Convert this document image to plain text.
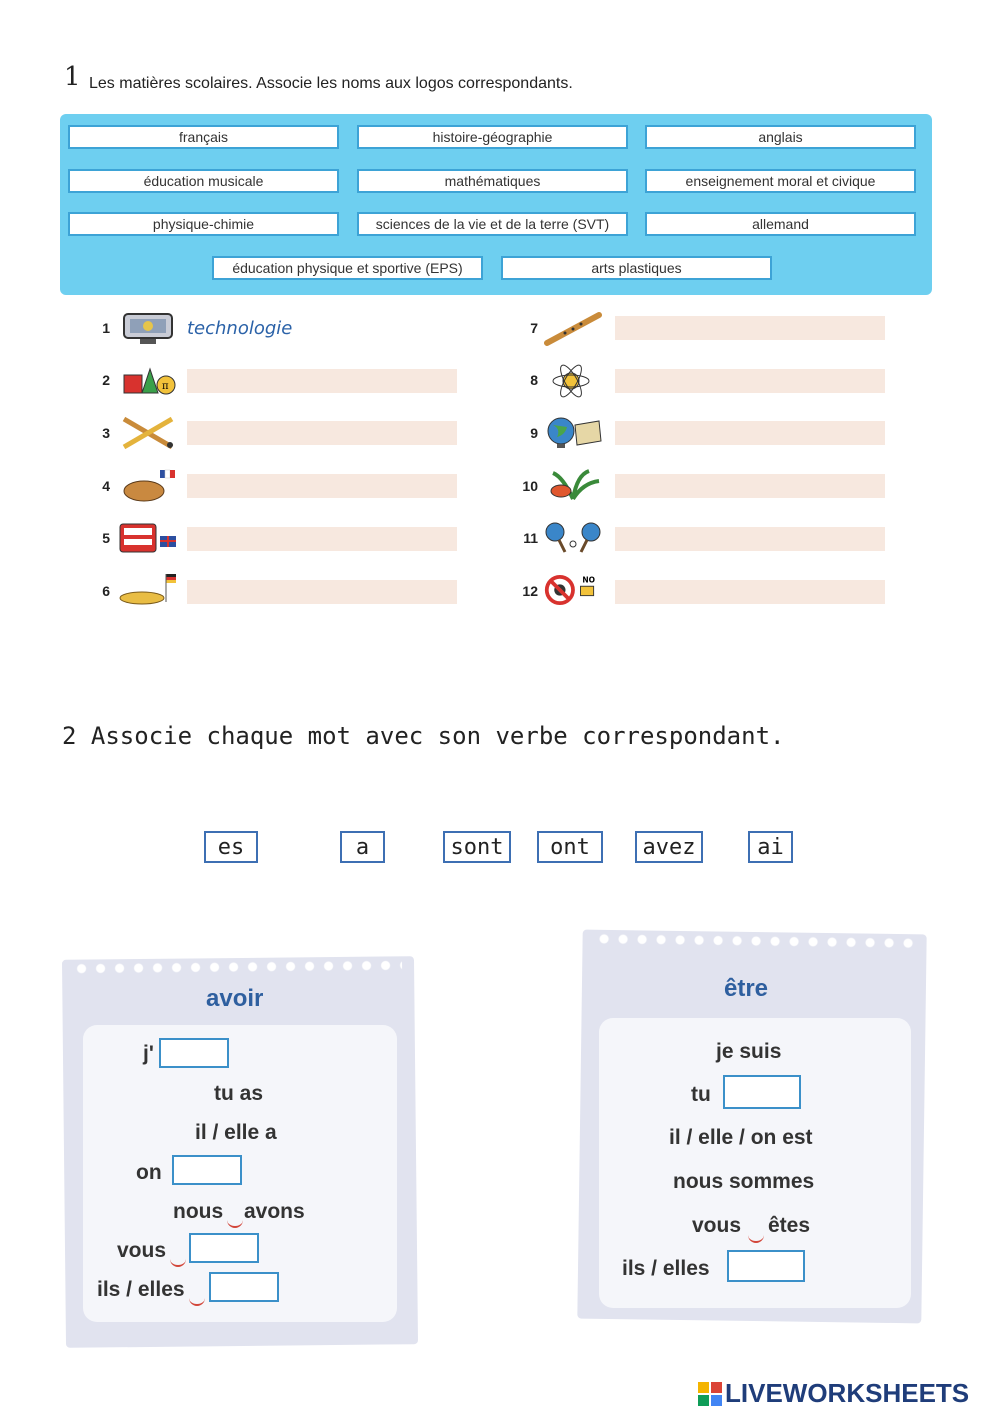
1 Les matières scolaires. Associe les noms aux logos correspondants.
français	histoire-géographie	anglais
éducation musicale	mathématiques	enseignement moral et civique
physique-chimie	sciences de la vie et de la terre (SVT)	allemand
éducation physique et sportive (EPS)	arts plastiques
1	technologie
2	π
3
4
5
6
7
8
9
10
11
12
NO
2 Associe chaque mot avec son verbe correspondant.
es	a	sont	ont	avez	ai
avoir
j'
tu as
il / elle a
on
nous avons
vous
ils / elles
être
je suis
tu
il / elle / on est
nous sommes
vous êtes
ils / elles
LIVEWORKSHEETS
